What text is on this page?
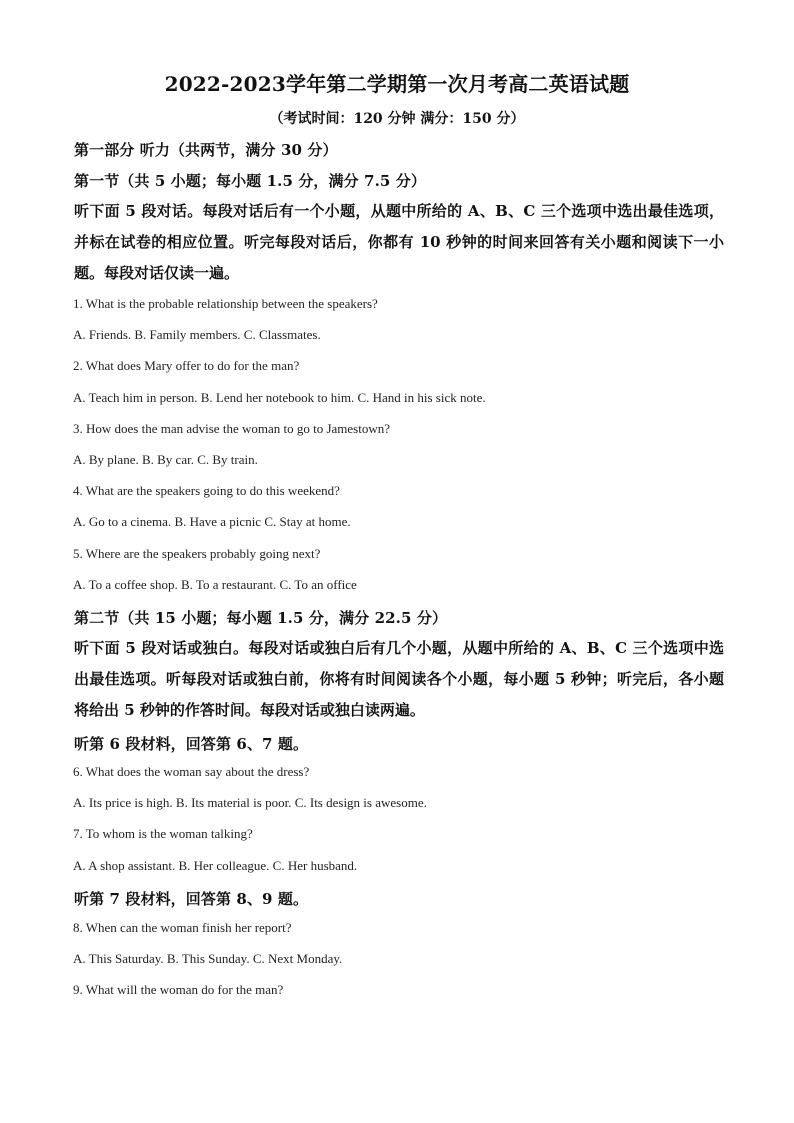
2022-2023学年第二学期第一次月考高二英语试题
（考试时间：120 分钟 满分：150 分）
第一部分 听力（共两节，满分 30 分）
第一节（共 5 小题；每小题 1.5 分，满分 7.5 分）
听下面 5 段对话。每段对话后有一个小题，从题中所给的 A、B、C 三个选项中选出最佳选项，并标在试卷的相应位置。听完每段对话后，你都有 10 秒钟的时间来回答有关小题和阅读下一小题。每段对话仅读一遍。
1. What is the probable relationship between the speakers?
A. Friends. B. Family members. C. Classmates.
2. What does Mary offer to do for the man?
A. Teach him in person. B. Lend her notebook to him. C. Hand in his sick note.
3. How does the man advise the woman to go to Jamestown?
A. By plane. B. By car. C. By train.
4. What are the speakers going to do this weekend?
A. Go to a cinema. B. Have a picnic C. Stay at home.
5. Where are the speakers probably going next?
A. To a coffee shop. B. To a restaurant. C. To an office
第二节（共 15 小题；每小题 1.5 分，满分 22.5 分）
听下面 5 段对话或独白。每段对话或独白后有几个小题，从题中所给的 A、B、C 三个选项中选出最佳选项。听每段对话或独白前，你将有时间阅读各个小题，每小题 5 秒钟；听完后，各小题将给出 5 秒钟的作答时间。每段对话或独白读两遍。
听第 6 段材料，回答第 6、7 题。
6. What does the woman say about the dress?
A. Its price is high. B. Its material is poor. C. Its design is awesome.
7. To whom is the woman talking?
A. A shop assistant. B. Her colleague. C. Her husband.
听第 7 段材料，回答第 8、9 题。
8. When can the woman finish her report?
A. This Saturday. B. This Sunday. C. Next Monday.
9. What will the woman do for the man?
